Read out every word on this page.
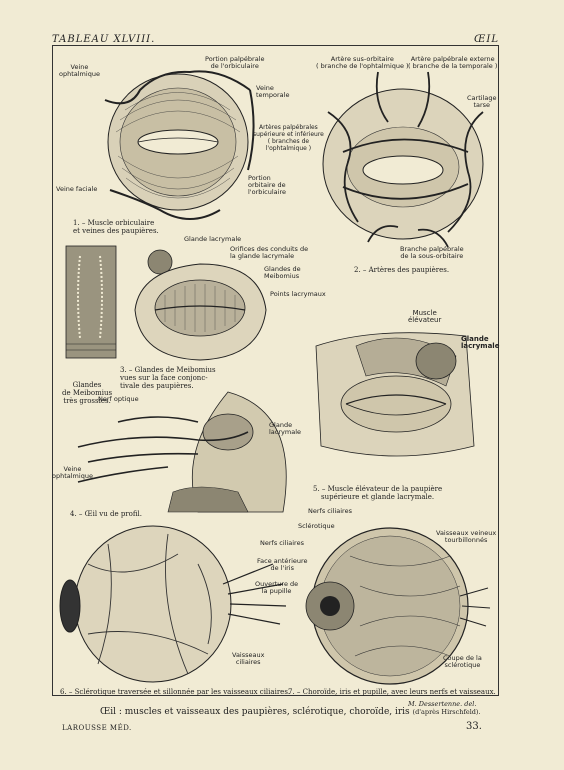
TABLEAU XLVIII.	ŒIL
Veine
ophtalmique
Portion palpébrale
de l'orbiculaire
Veine
temporale
Veine faciale
Portion
orbitaire de
l'orbiculaire
1. – Muscle orbiculaire
et veines des paupières.
Artère sus-orbitaire
( branche de l'ophtalmique )
Artère palpébrale externe
( branche de la temporale )
Cartilage
tarse
Artères palpébrales
supérieure et inférieure
( branches de
l'ophtalmique )
Branche palpébrale
de la sous-orbitaire
2. – Artères des paupières.
Glande lacrymale
Orifices des conduits de
la glande lacrymale
Glandes de
Meibomius
Points lacrymaux
Glandes
de Meibomius
très grossies.
3. – Glandes de Meibomius
vues sur la face conjonc-
tivale des paupières.
Nerf optique
Glande
lacrymale
Veine
ophtalmique
4. – Œil vu de profil.
Muscle
élévateur
Glande
lacrymale
5. – Muscle élévateur de la paupière
supérieure et glande lacrymale.
Vaisseaux
ciliaires
6. – Sclérotique traversée et sillonnée par les vaisseaux ciliaires.
Nerfs ciliaires
Sclérotique
Nerfs ciliaires
Face antérieure
de l'iris
Ouverture de
la pupille
Vaisseaux veineux
tourbillonnés
Coupe de la
sclérotique
7. – Choroïde, iris et pupille, avec leurs nerfs et vaisseaux.
M. Dessertenne. del.
Œil : muscles et vaisseaux des paupières, sclérotique, choroïde, iris (d'après Hirschfeld).
LAROUSSE MÉD.	33.
